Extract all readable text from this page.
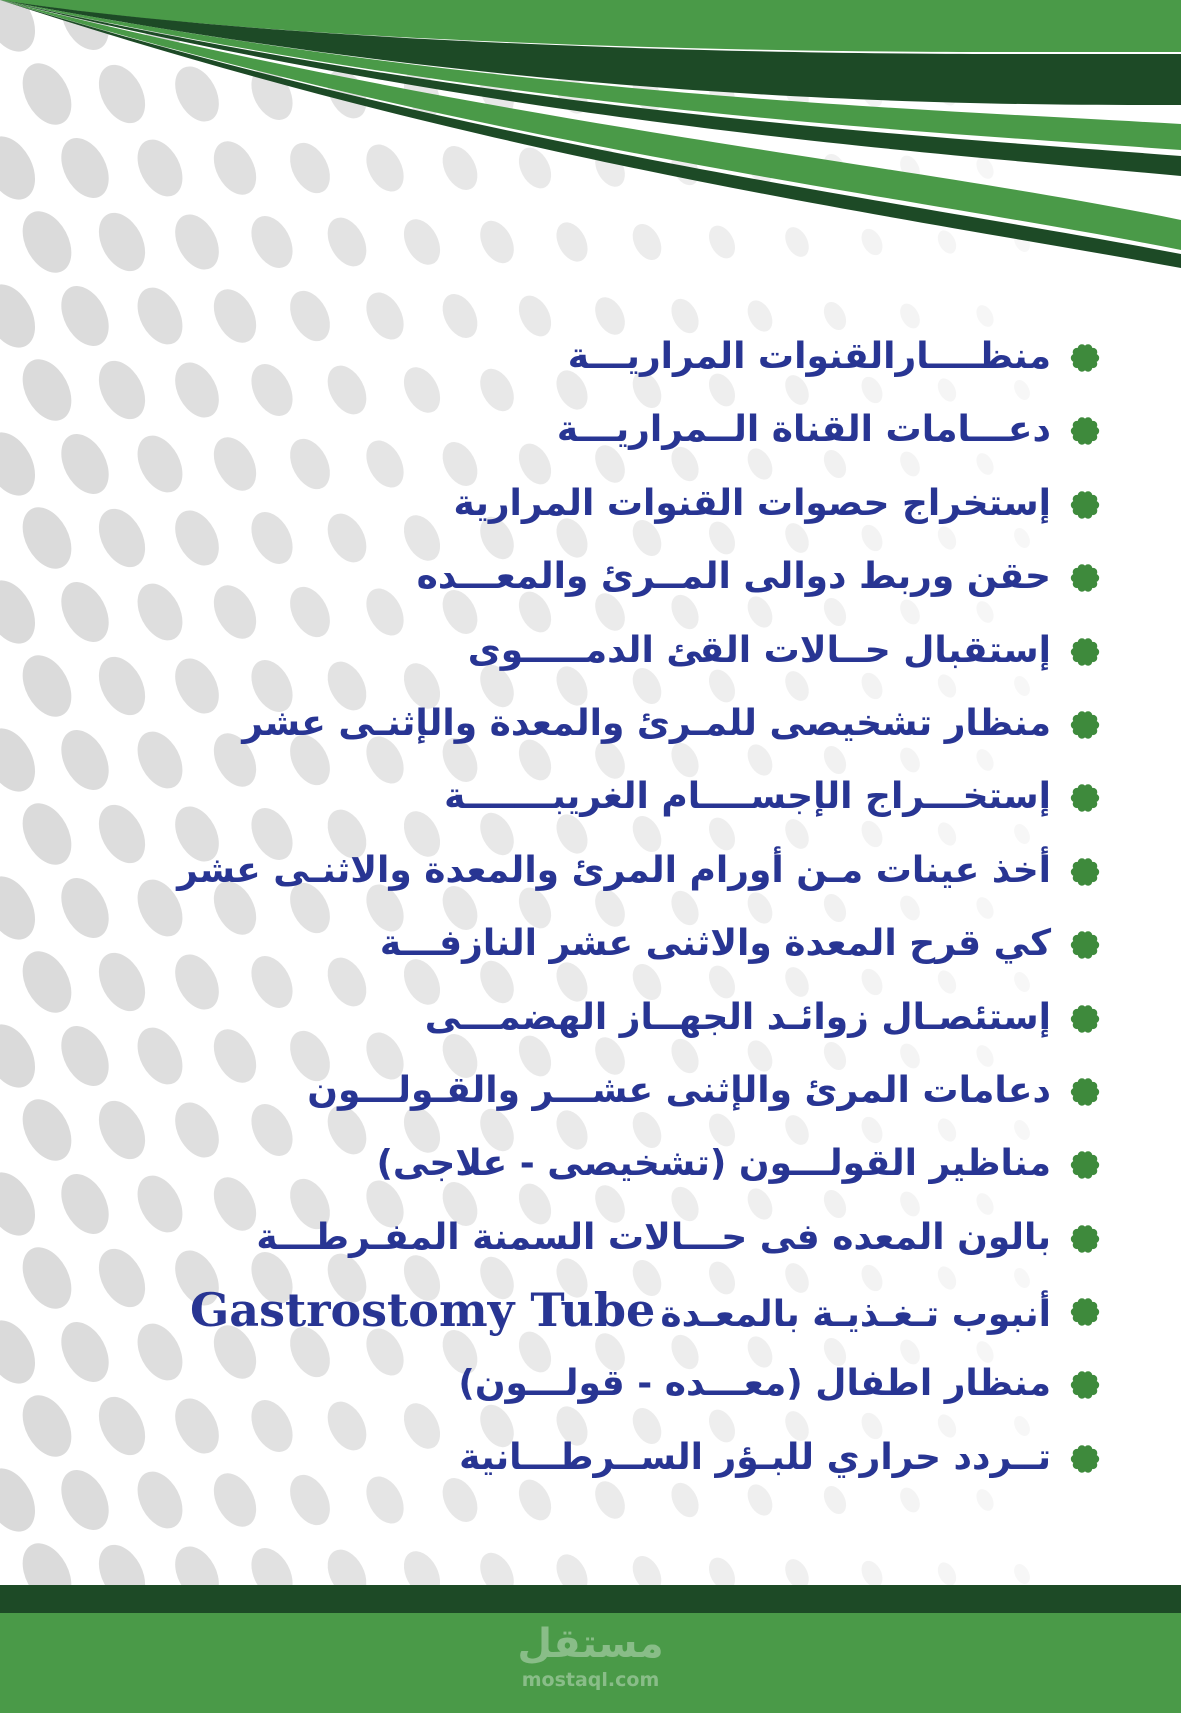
منظــــارالقنوات المراريـــة
دعـــامات القناة الــمراريـــة
إستخراج حصوات القنوات المرارية
حقن وربط دوالى المــرئ والمعـــده
إستقبال حــالات القئ الدمـــــوى
منظار تشخيصى للمـرئ والمعدة والإثنـى عشر
إستخـــراج الإجســــام الغريبـــــــة
أخذ عينات مـن أورام المرئ والمعدة والاثنـى عشر
كي قرح المعدة والاثنى عشر النازفـــة
إستئصـال زوائـد الجهــاز الهضمـــى
دعامات المرئ والإثنى عشـــر والقـولـــون
مناظير القولـــون (تشخيصى - علاجى)
بالون المعده فى حـــالات السمنة المفـرطـــة
أنبوب تـغـذيـة بالمعـدة Gastrostomy Tube
منظار اطفال (معـــده - قولـــون)
تــردد حراري للبـؤر الســرطـــانية
مستقل
mostaql.com
